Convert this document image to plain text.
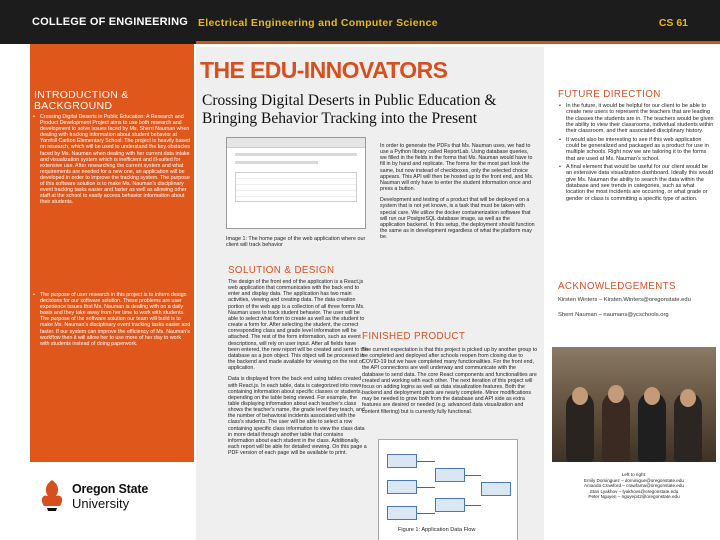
COLLEGE OF ENGINEERING Electrical Engineering and Computer Science	CS 61
INTRODUCTION & BACKGROUND
• Crossing Digital Deserts in Public Education: A Research and Product Development Project aims to use both research and development to solve issues faced by Ms. Sherri Nauman when dealing with tracking information about student behavior at Yamhill Carlton Elementary School. The project is heavily based on research, which will be used to understand the key obstacles faced by Ms. Nauman when dealing with her current data intake and visualization system which is inefficient and ill-suited for extensive use. After researching the current system and what requirements are needed for a new one, an application will be developed in order to improve the tracking system. The purpose of this software solution is to make Ms. Nauman's disciplinary event tracking tasks easier and faster as well as allowing other staff at the school to easily access behavior information about their students.
• The purpose of user research in this project is to inform design decisions for our software solution. These problems are user experience issues that Ms. Nauman is dealing with on a daily basis and they take away from her time to work with students. The purpose of the software solution our team will build is to make Ms. Nauman's disciplinary event tracking tasks easier and faster. If our system can improve the efficiency of Ms. Nauman's workflow then it will allow her to use more of her day to work with students instead of doing paperwork.
Oregon State
University
THE EDU-INNOVATORS
Crossing Digital Deserts in Public Education & Bringing Behavior Tracking into the Present
Image 1: The home page of the web application where our client will track behavior
SOLUTION & DESIGN

The design of the front end of the application is a React.js web application that communicates with the back end to enter and display data. The application has two main activities, viewing and creating data. The data creation portion of the web app is a collection of all three forms Ms. Nauman uses to track student behavior. The user will be able to select what form to create as well as the student to create a form for. After selecting the student, the correct corresponding class and grade level information will be attached. The rest of the form information, such as event descriptions, will rely on user input. After all fields have been entered, the new report will be created and sent to the database as a json object. This object will be processed in the backend and made available for viewing on the rest of application.

Data is displayed from the back end using tables created with React.js. In each table, data is categorized into rows containing information about specific classes or students, depending on the table being viewed. For example, the table displaying information about each teacher's class shows the teacher's name, the grade level they teach, and the number of behavioral incidents associated with the class's students. The user will be able to select a row containing specific class information to view the class data in more detail through another table that contains information about each student in the class. Additionally, each report will be able for detailed viewing. On this page a PDF version of each page will be available to print.

In order to generate the PDFs that Ms. Nauman uses, we had to use a Python library called ReportLab. Using database queries, we filled in the fields in the forms that Ms. Nauman would have to fill in by hand and replicate. The forms for the most part look the same, but now instead of checkboxes, only the selected choice appears. This API will then be hosted up to the front end, and Ms. Nauman will only have to enter the student information once and press a button.

Development and testing of a product that will be deployed on a system that is not yet known, is a task that must be taken with special care. We utilize the docker containerization software that will run our PostgreSQL database image, as well as the application backend. In this setup, the deployment should function the same as in development regardless of what the platform may be.

FINISHED PRODUCT

The current expectation is that this project is picked up by another group to be completed and deployed after schools reopen from closing due to COVID-19 but we have completed many functionalities. For the front end, the API connections are well underway and communicate with the database to send data. The core React components and functionalities are created and working with each other. The next iteration of this project will focus on adding logins as well as data visualization features. Both the backend and deployment parts are nearly complete. Minor modifications may be needed to grow both from the database and API side as extra features are desired or needed (e.g. advanced data visualization and content filtering) but is currently fully functional.

Figure 1: Application Data Flow
FUTURE DIRECTION
• In the future, it would be helpful for our client to be able to create new users to represent the teachers that are leading the classes the students are in. The teachers would be given the ability to view their classrooms, individual students within their classroom, and their associated disciplinary history.
• It would also be interesting to see if this web application could be generalized and packaged as a product for use in multiple schools. Right now we are tailoring it to the forms that are used at Ms. Nauman's school.
• A final element that would be useful for our client would be an extensive data visualization dashboard. Ideally this would give Ms. Nauman the ability to search the data within the database and see trends in categories, such as what location the most incidents are occurring, or what grade or gender or class is committing a specific type of action.
ACKNOWLEDGEMENTS

Kirsten Winters – Kirsten.Winters@oregonstate.edu

Sherri Nauman – naumans@ycschools.org

Left to right:
Emily Dominguez – dominigue@oregonstate.edu
Amanda Crawford – crawfama@oregonstate.edu
Stan Lyakhov – lyakhovs@oregonstate.edu
Peter Nguyen – nguyep42@oregonstate.edu
